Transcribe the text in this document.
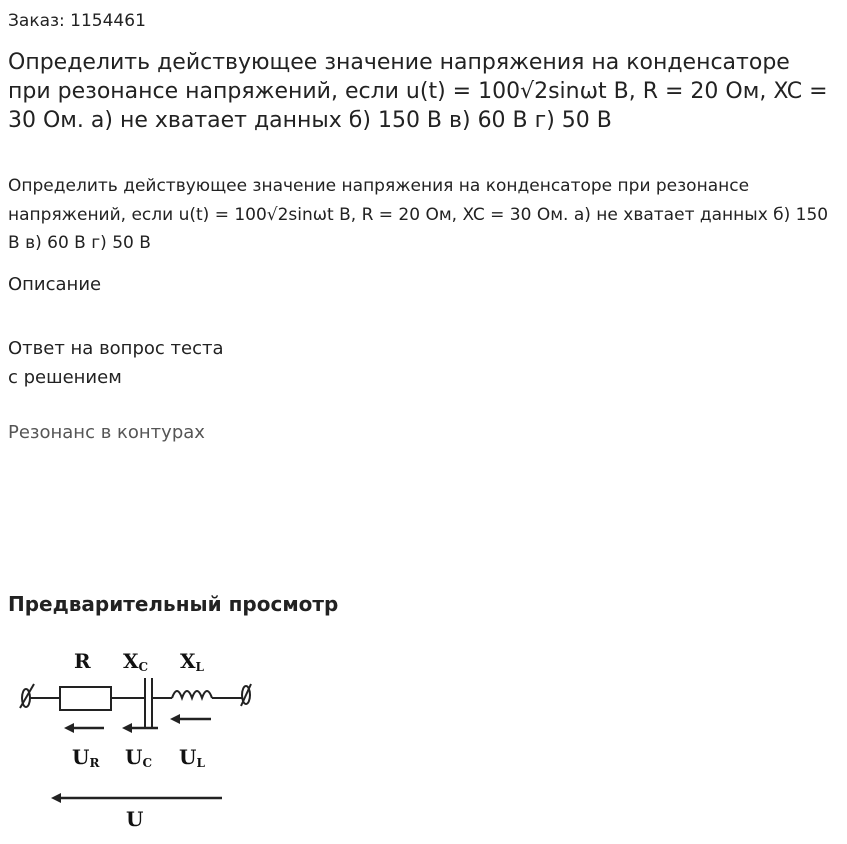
Заказ: 1154461
Определить действующее значение напряжения на конденсаторе при резонансе напряжений, если u(t) = 100√2sinωt В, R = 20 Ом, XC = 30 Ом. а) не хватает данных б) 150 В в) 60 В г) 50 В

Определить действующее значение напряжения на конденсаторе при резонансе напряжений, если u(t) = 100√2sinωt В, R = 20 Ом, XC = 30 Ом. а) не хватает данных б) 150 В в) 60 В г) 50 В

Описание
Ответ на вопрос теста
с решением
Резонанс в контурах
Предварительный просмотр
R XC XL
UR UC UL
U
